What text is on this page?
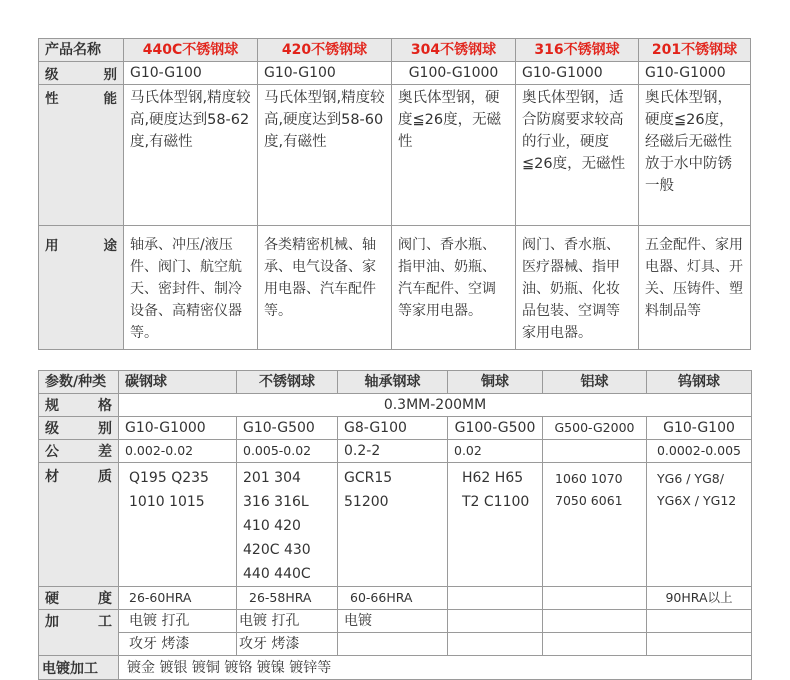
产品名称	440C不锈钢球	420不锈钢球	304不锈钢球	316不锈钢球	201不锈钢球

级 别	G10-G100	G10-G100	G100-G1000	G10-G1000	G10-G1000

性 能	马氏体型钢,精度较高,硬度达到58-62度,有磁性	马氏体型钢,精度较高,硬度达到58-60度,有磁性	奥氏体型钢，硬度≦26度，无磁性	奥氏体型钢，适合防腐要求较高的行业，硬度≦26度，无磁性	奥氏体型钢，硬度≦26度，经磁后无磁性放于水中防锈一般

用 途	轴承、冲压/液压件、阀门、航空航天、密封件、制冷设备、高精密仪器等。	各类精密机械、轴承、电气设备、家用电器、汽车配件等。	阀门、香水瓶、指甲油、奶瓶、汽车配件、空调等家用电器。	阀门、香水瓶、医疗器械、指甲油、奶瓶、化妆品包装、空调等家用电器。	五金配件、家用电器、灯具、开关、压铸件、塑料制品等
参数/种类	碳钢球	不锈钢球	轴承钢球	铜球	铝球	钨钢球

规 格	0.3MM-200MM					

级 别	G10-G1000	G10-G500	G8-G100	G100-G500	G500-G2000	G10-G100

公 差	0.002-0.02	0.005-0.02	0.2-2	0.02		0.0002-0.005

材 质	Q195 Q235 1010 1015	201 304 316 316L 410 420 420C 430 440 440C	GCR15 51200	H62 H65 T2 C1100	1060 1070 7050 6061	YG6 / YG8/ YG6X / YG12

硬 度	26-60HRA	26-58HRA	60-66HRA			90HRA以上

加 工	电镀 打孔	电镀 打孔	电镀			
	攻牙 烤漆	攻牙 烤漆				
电镀加工	镀金 镀银 镀铜 镀铬 镀镍 镀锌等					
